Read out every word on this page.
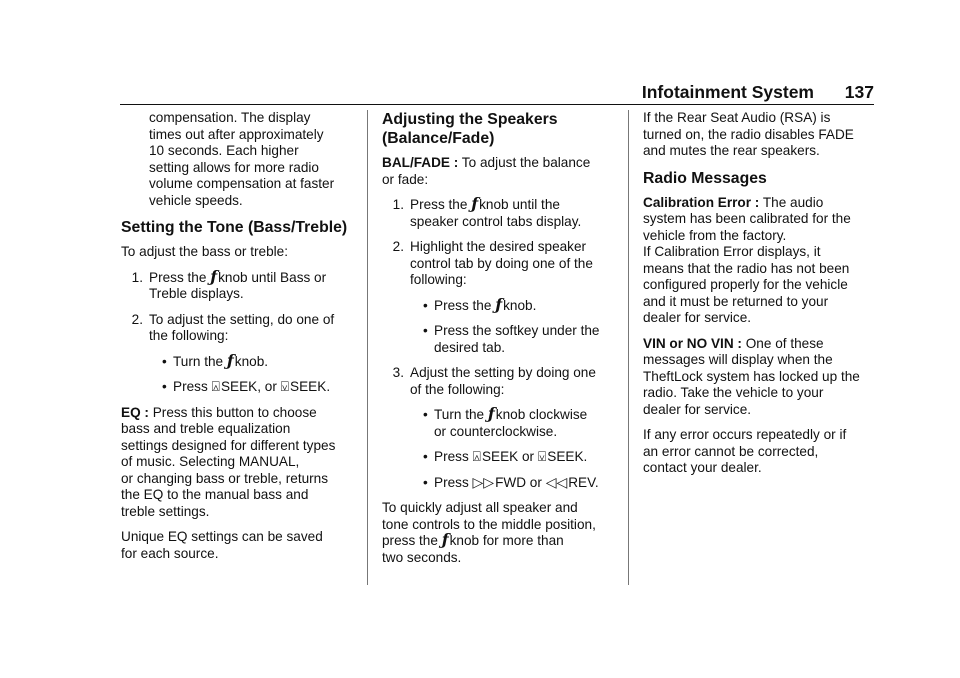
Infotainment System 137

compensation. The display
times out after approximately
10 seconds. Each higher
setting allows for more radio
volume compensation at faster
vehicle speeds.

Setting the Tone (Bass/Treble)

To adjust the bass or treble:

1. Press the ƒknob until Bass or
Treble displays.
2. To adjust the setting, do one of
the following:
• Turn the ƒknob.
• Press ⍓SEEK, or ⍌SEEK.

EQ : Press this button to choose
bass and treble equalization
settings designed for different types
of music. Selecting MANUAL,
or changing bass or treble, returns
the EQ to the manual bass and
treble settings.

Unique EQ settings can be saved
for each source.

Adjusting the Speakers
(Balance/Fade)

BAL/FADE : To adjust the balance
or fade:

1. Press the ƒknob until the
speaker control tabs display.
2. Highlight the desired speaker
control tab by doing one of the
following:
• Press the ƒknob.
• Press the softkey under the
desired tab.
3. Adjust the setting by doing one
of the following:
• Turn the ƒknob clockwise
or counterclockwise.
• Press ⍓SEEK or ⍌SEEK.
• Press ▷▷FWD or ◁◁REV.

To quickly adjust all speaker and
tone controls to the middle position,
press the ƒknob for more than
two seconds.

If the Rear Seat Audio (RSA) is
turned on, the radio disables FADE
and mutes the rear speakers.

Radio Messages

Calibration Error : The audio
system has been calibrated for the
vehicle from the factory.

If Calibration Error displays, it
means that the radio has not been
configured properly for the vehicle
and it must be returned to your
dealer for service.

VIN or NO VIN : One of these
messages will display when the
TheftLock system has locked up the
radio. Take the vehicle to your
dealer for service.

If any error occurs repeatedly or if
an error cannot be corrected,
contact your dealer.
